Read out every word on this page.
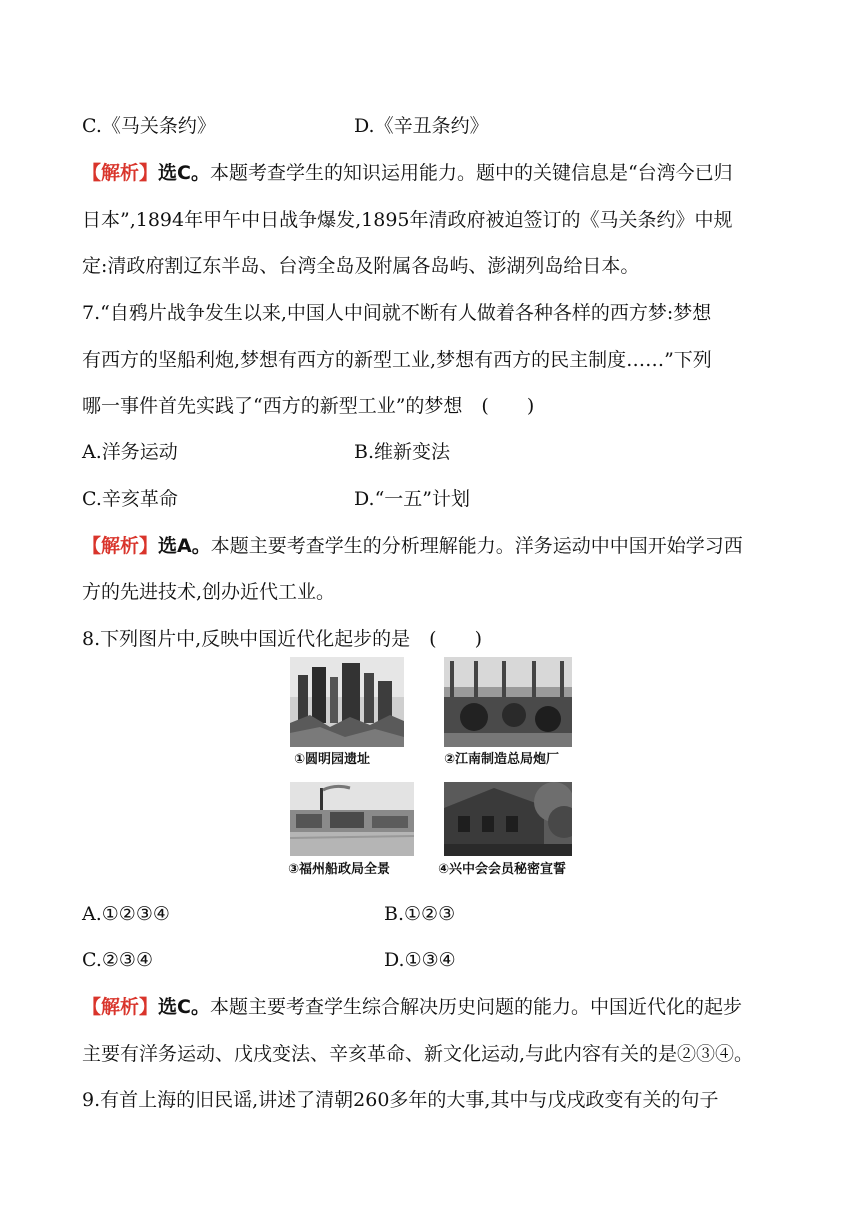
C.《马关条约》	D.《辛丑条约》
【解析】选C。本题考查学生的知识运用能力。题中的关键信息是“台湾今已归
日本”,1894年甲午中日战争爆发,1895年清政府被迫签订的《马关条约》中规
定:清政府割辽东半岛、台湾全岛及附属各岛屿、澎湖列岛给日本。
7.“自鸦片战争发生以来,中国人中间就不断有人做着各种各样的西方梦:梦想
有西方的坚船利炮,梦想有西方的新型工业,梦想有西方的民主制度……”下列
哪一事件首先实践了“西方的新型工业”的梦想　(　　)
A.洋务运动	B.维新变法
C.辛亥革命	D.“一五”计划
【解析】选A。本题主要考查学生的分析理解能力。洋务运动中中国开始学习西
方的先进技术,创办近代工业。
8.下列图片中,反映中国近代化起步的是　(　　)
①圆明园遗址	②江南制造总局炮厂
③福州船政局全景	④兴中会会员秘密宣誓
A.①②③④	B.①②③
C.②③④	D.①③④
【解析】选C。本题主要考查学生综合解决历史问题的能力。中国近代化的起步
主要有洋务运动、戊戌变法、辛亥革命、新文化运动,与此内容有关的是②③④。
9.有首上海的旧民谣,讲述了清朝260多年的大事,其中与戊戌政变有关的句子
